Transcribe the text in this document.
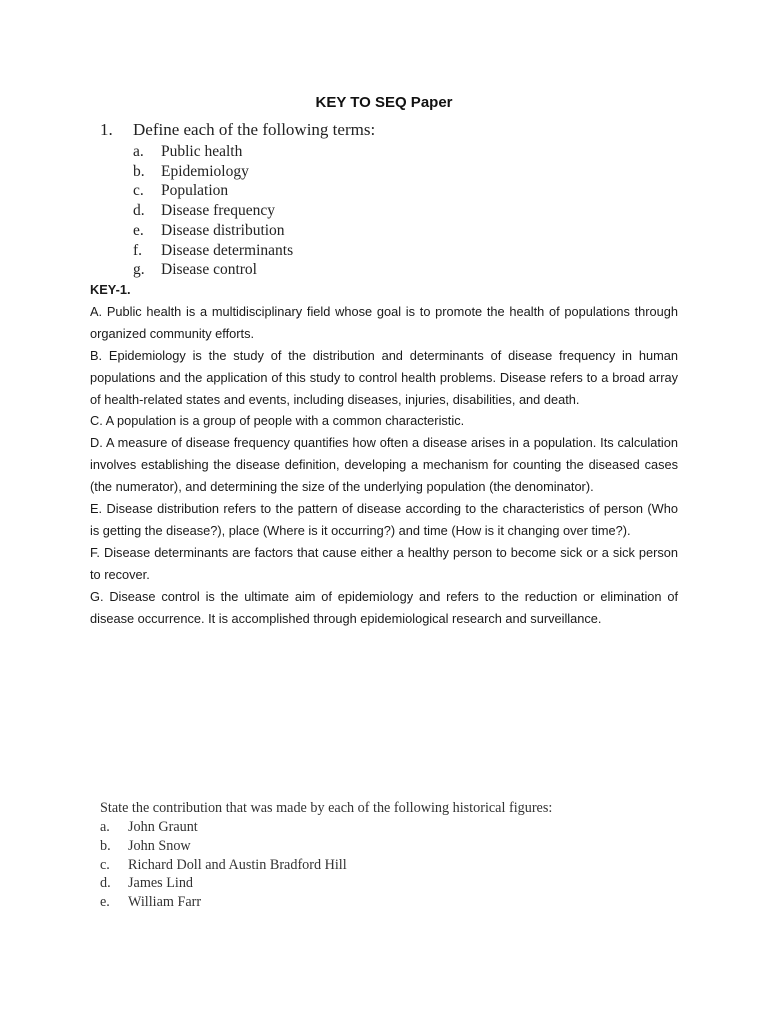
KEY TO SEQ Paper
1.	Define each of the following terms:
a.	Public health
b.	Epidemiology
c.	Population
d.	Disease frequency
e.	Disease distribution
f.	Disease determinants
g.	Disease control
KEY-1.

A. Public health is a multidisciplinary field whose goal is to promote the health of populations through organized community efforts.

B. Epidemiology is the study of the distribution and determinants of disease frequency in human populations and the application of this study to control health problems. Disease refers to a broad array of health-related states and events, including diseases, injuries, disabilities, and death.

C. A population is a group of people with a common characteristic.

D. A measure of disease frequency quantifies how often a disease arises in a population. Its calculation involves establishing the disease definition, developing a mechanism for counting the diseased cases (the numerator), and determining the size of the underlying population (the denominator).

E. Disease distribution refers to the pattern of disease according to the characteristics of person (Who is getting the disease?), place (Where is it occurring?) and time (How is it changing over time?).

F. Disease determinants are factors that cause either a healthy person to become sick or a sick person to recover.

G. Disease control is the ultimate aim of epidemiology and refers to the reduction or elimination of disease occurrence. It is accomplished through epidemiological research and surveillance.

State the contribution that was made by each of the following historical figures:
a.	John Graunt
b.	John Snow
c.	Richard Doll and Austin Bradford Hill
d.	James Lind
e.	William Farr
